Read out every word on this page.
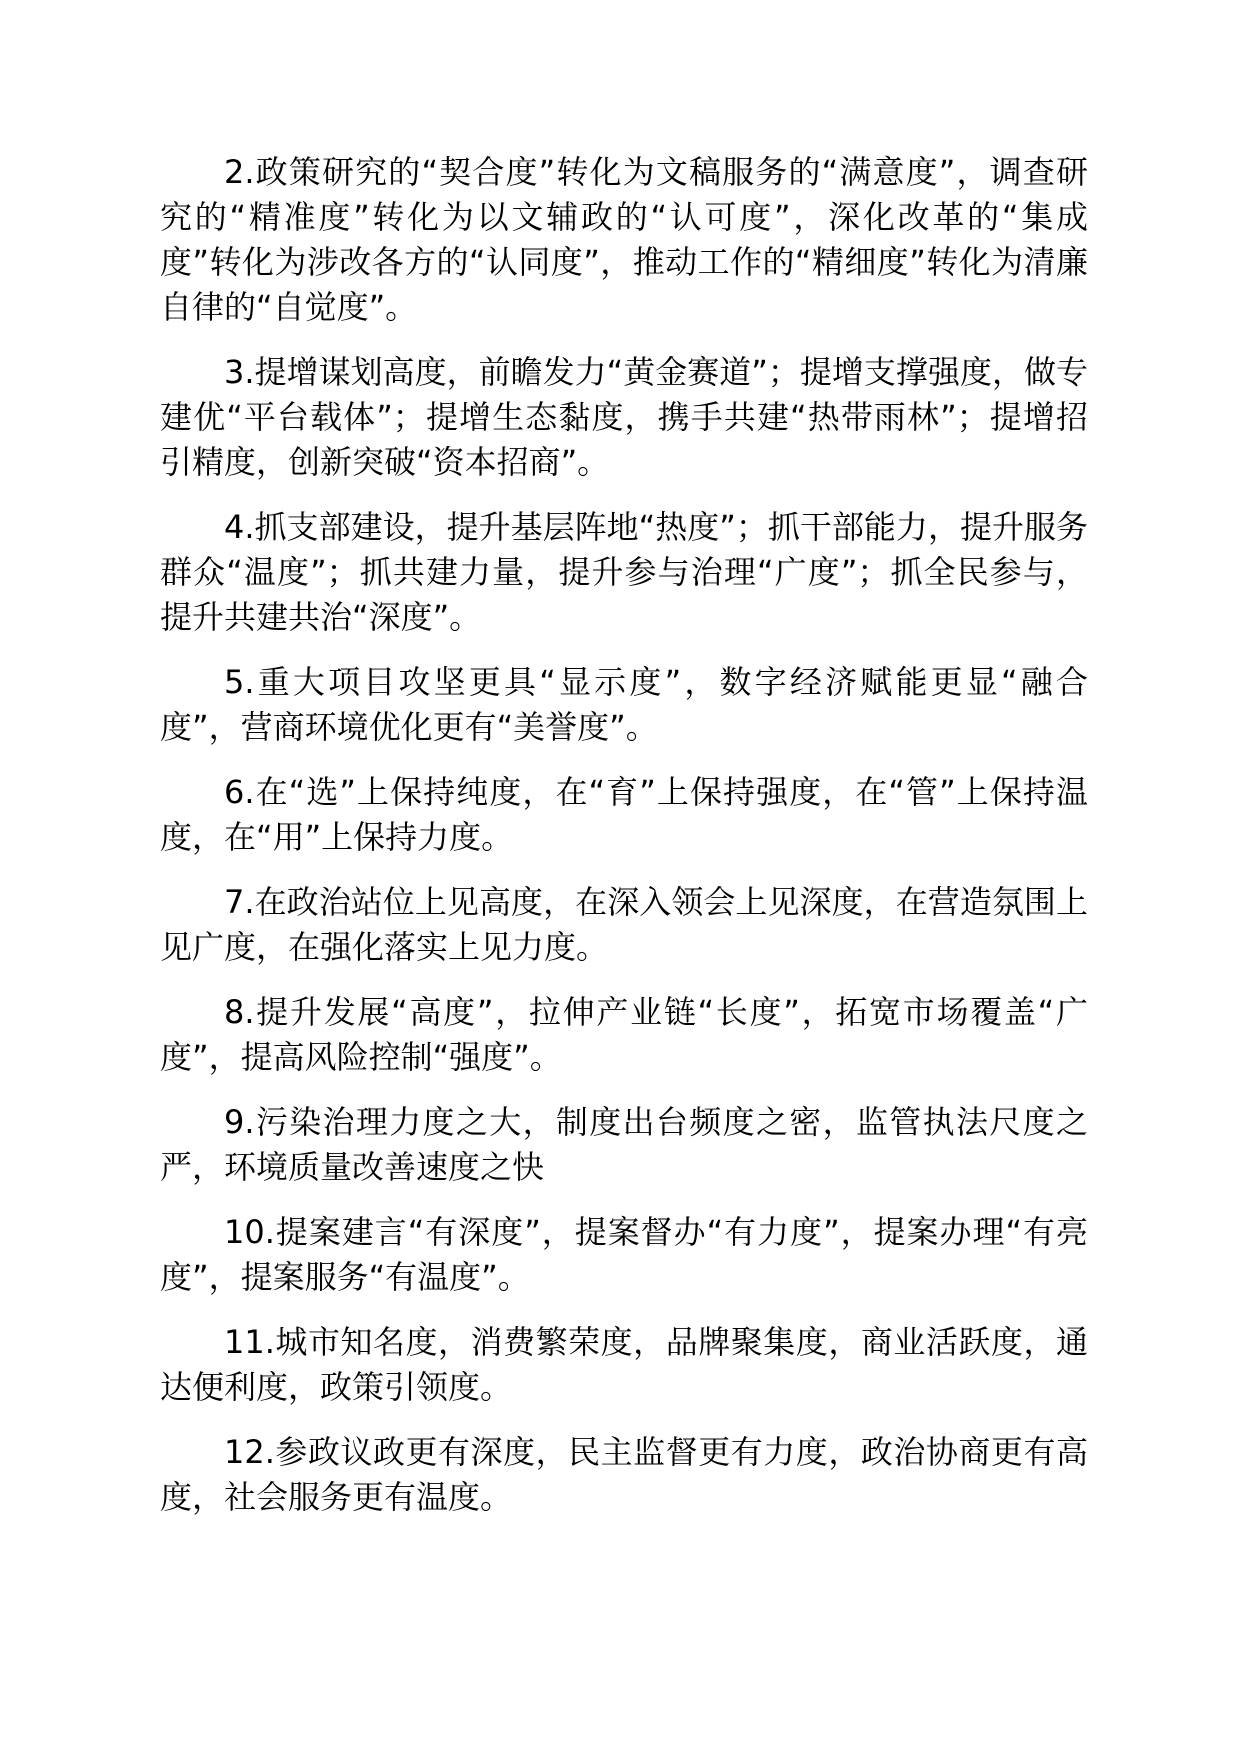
2.政策研究的“契合度”转化为文稿服务的“满意度”，调查研究的“精准度”转化为以文辅政的“认可度”，深化改革的“集成度”转化为涉改各方的“认同度”，推动工作的“精细度”转化为清廉自律的“自觉度”。

3.提增谋划高度，前瞻发力“黄金赛道”；提增支撑强度，做专建优“平台载体”；提增生态黏度，携手共建“热带雨林”；提增招引精度，创新突破“资本招商”。

4.抓支部建设，提升基层阵地“热度”；抓干部能力，提升服务群众“温度”；抓共建力量，提升参与治理“广度”；抓全民参与，提升共建共治“深度”。

5.重大项目攻坚更具“显示度”，数字经济赋能更显“融合度”，营商环境优化更有“美誉度”。

6.在“选”上保持纯度，在“育”上保持强度，在“管”上保持温度，在“用”上保持力度。

7.在政治站位上见高度，在深入领会上见深度，在营造氛围上见广度，在强化落实上见力度。

8.提升发展“高度”，拉伸产业链“长度”，拓宽市场覆盖“广度”，提高风险控制“强度”。

9.污染治理力度之大，制度出台频度之密，监管执法尺度之严，环境质量改善速度之快

10.提案建言“有深度”，提案督办“有力度”，提案办理“有亮度”，提案服务“有温度”。

11.城市知名度，消费繁荣度，品牌聚集度，商业活跃度，通达便利度，政策引领度。

12.参政议政更有深度，民主监督更有力度，政治协商更有高度，社会服务更有温度。
